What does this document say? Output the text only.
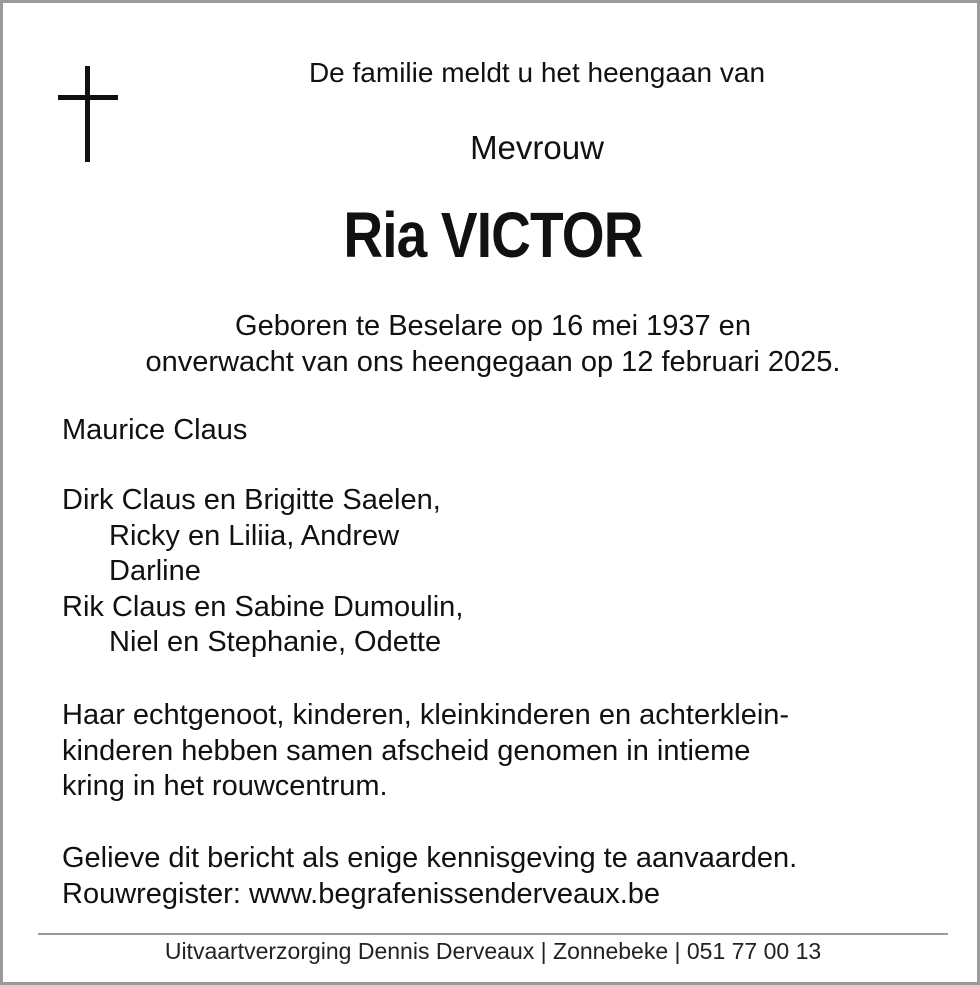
De familie meldt u het heengaan van
Mevrouw
Ria VICTOR
Geboren te Beselare op 16 mei 1937 en
onverwacht van ons heengegaan op 12 februari 2025.
Maurice Claus
Dirk Claus en Brigitte Saelen,
Ricky en Liliia, Andrew
Darline
Rik Claus en Sabine Dumoulin,
Niel en Stephanie, Odette
Haar echtgenoot, kinderen, kleinkinderen en achterklein-
kinderen hebben samen afscheid genomen in intieme
kring in het rouwcentrum.
Gelieve dit bericht als enige kennisgeving te aanvaarden.
Rouwregister: www.begrafenissenderveaux.be
Uitvaartverzorging Dennis Derveaux | Zonnebeke | 051 77 00 13
